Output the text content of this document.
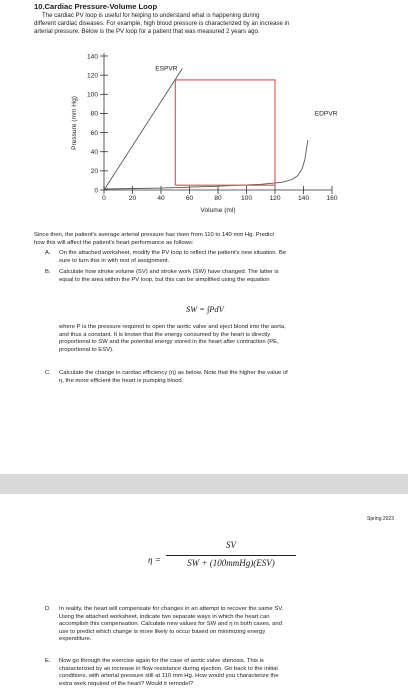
10.Cardiac Pressure-Volume Loop
The cardiac PV loop is useful for helping to understand what is happening during
different cardiac diseases. For example, high blood pressure is characterized by an increase in
arterial pressure. Below is the PV loop for a patient that was measured 2 years ago.
0
20
40
60
80
100
120
140
0	20	40	60	80	100	120	140	160
Volume (ml)
Pressure (mm Hg)
ESPVR
EDPVR
Since then, the patient's average arterial pressure has risen from 110 to 140 mm Hg. Predict
how this will affect the patient's heart performance as follows:
A. On the attached worksheet, modify the PV loop to reflect the patient's new situation. Be
sure to turn this in with rest of assignment.
B. Calculate how stroke volume (SV) and stroke work (SW) have changed. The latter is
equal to the area within the PV loop, but this can be simplified using the equation
SW = ∫PdV
where P is the pressure required to open the aortic valve and eject blood into the aorta,
and thus a constant. It is known that the energy consumed by the heart is directly
proportional to SW and the potential energy stored in the heart after contraction (PE,
proportional to ESV).
C. Calculate the change in cardiac efficiency (η) as below. Note that the higher the value of
η, the more efficient the heart is pumping blood.
Spring 2023
η =
SV
SW + (100mmHg)(ESV)
D. In reality, the heart will compensate for changes in an attempt to recover the same SV.
Using the attached worksheet, indicate two separate ways in which the heart can
accomplish this compensation. Calculate new values for SW and η in both cases, and
use to predict which change is more likely to occur based on minimizing energy
expenditure.
E. Now go through the exercise again for the case of aortic valve stenosis. This is
characterized by an increase in flow resistance during ejection. Go back to the initial
conditions, with arterial pressure still at 110 mm Hg. How would you characterize the
extra work required of the heart? Would it remodel?
